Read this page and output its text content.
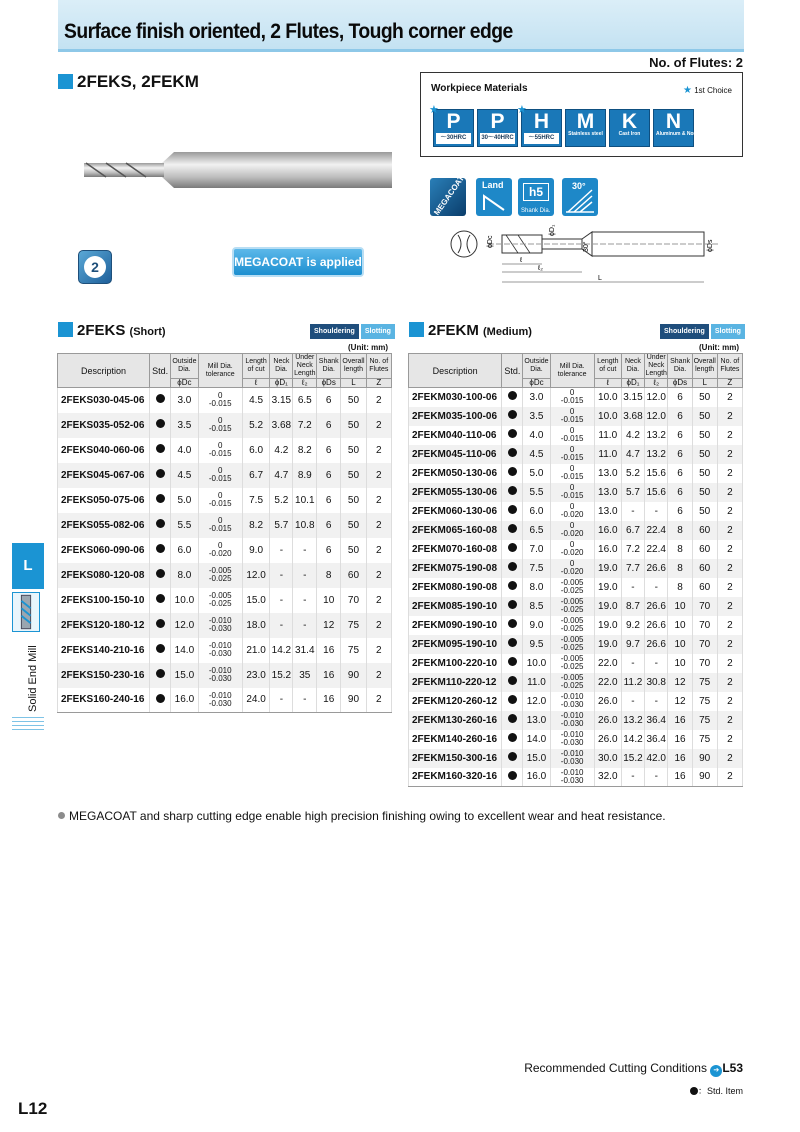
Surface finish oriented, 2 Flutes, Tough corner edge
No. of Flutes: 2
2FEKS, 2FEKM
2	MEGACOAT is applied
Workpiece Materials	★ 1st Choice
★ P
～30HRC
P
30～40HRC
★ H
～55HRC
M
Stainless steel
K
Cast Iron
N
Aluminum & Non Ferrous Material
MEGACOAT Land	h5
Shank Dia.
30°
ℓ
ℓ₂
L
ϕDc
ϕD₁
ϕDs
30°
2FEKS (Short)	Shouldering	Slotting
(Unit: mm)
Description	Std.	Outside Dia.	Mill Dia. tolerance	Length of cut	Neck Dia.	Under Neck Length	Shank Dia.	Overall length	No. of Flutes
		ϕDc		ℓ	ϕD₁	ℓ₂	ϕDs	L	Z
2FEKS030-045-06		3.0	0
-0.015	4.5	3.15	6.5	6	50	2
2FEKS035-052-06		3.5	0
-0.015	5.2	3.68	7.2	6	50	2
2FEKS040-060-06		4.0	0
-0.015	6.0	4.2	8.2	6	50	2
2FEKS045-067-06		4.5	0
-0.015	6.7	4.7	8.9	6	50	2
2FEKS050-075-06		5.0	0
-0.015	7.5	5.2	10.1	6	50	2
2FEKS055-082-06		5.5	0
-0.015	8.2	5.7	10.8	6	50	2
2FEKS060-090-06		6.0	0
-0.020	9.0	-	-	6	50	2
2FEKS080-120-08		8.0	-0.005
-0.025	12.0	-	-	8	60	2
2FEKS100-150-10		10.0	-0.005
-0.025	15.0	-	-	10	70	2
2FEKS120-180-12		12.0	-0.010
-0.030	18.0	-	-	12	75	2
2FEKS140-210-16		14.0	-0.010
-0.030	21.0	14.2	31.4	16	75	2
2FEKS150-230-16		15.0	-0.010
-0.030	23.0	15.2	35	16	90	2
2FEKS160-240-16		16.0	-0.010
-0.030	24.0	-	-	16	90	2
2FEKM (Medium)	Shouldering	Slotting
(Unit: mm)
Description	Std.	Outside Dia.	Mill Dia. tolerance	Length of cut	Neck Dia.	Under Neck Length	Shank Dia.	Overall length	No. of Flutes
		ϕDc		ℓ	ϕD₁	ℓ₂	ϕDs	L	Z
2FEKM030-100-06		3.0	0
-0.015	10.0	3.15	12.0	6	50	2
2FEKM035-100-06		3.5	0
-0.015	10.0	3.68	12.0	6	50	2
2FEKM040-110-06		4.0	0
-0.015	11.0	4.2	13.2	6	50	2
2FEKM045-110-06		4.5	0
-0.015	11.0	4.7	13.2	6	50	2
2FEKM050-130-06		5.0	0
-0.015	13.0	5.2	15.6	6	50	2
2FEKM055-130-06		5.5	0
-0.015	13.0	5.7	15.6	6	50	2
2FEKM060-130-06		6.0	0
-0.020	13.0	-	-	6	50	2
2FEKM065-160-08		6.5	0
-0.020	16.0	6.7	22.4	8	60	2
2FEKM070-160-08		7.0	0
-0.020	16.0	7.2	22.4	8	60	2
2FEKM075-190-08		7.5	0
-0.020	19.0	7.7	26.6	8	60	2
2FEKM080-190-08		8.0	-0.005
-0.025	19.0	-	-	8	60	2
2FEKM085-190-10		8.5	-0.005
-0.025	19.0	8.7	26.6	10	70	2
2FEKM090-190-10		9.0	-0.005
-0.025	19.0	9.2	26.6	10	70	2
2FEKM095-190-10		9.5	-0.005
-0.025	19.0	9.7	26.6	10	70	2
2FEKM100-220-10		10.0	-0.005
-0.025	22.0	-	-	10	70	2
2FEKM110-220-12		11.0	-0.005
-0.025	22.0	11.2	30.8	12	75	2
2FEKM120-260-12		12.0	-0.010
-0.030	26.0	-	-	12	75	2
2FEKM130-260-16		13.0	-0.010
-0.030	26.0	13.2	36.4	16	75	2
2FEKM140-260-16		14.0	-0.010
-0.030	26.0	14.2	36.4	16	75	2
2FEKM150-300-16		15.0	-0.010
-0.030	30.0	15.2	42.0	16	90	2
2FEKM160-320-16		16.0	-0.010
-0.030	32.0	-	-	16	90	2
MEGACOAT and sharp cutting edge enable high precision finishing owing to excellent wear and heat resistance.
L
Solid End Mill
Recommended Cutting Conditions ➔ L53
：Std. Item
L12
